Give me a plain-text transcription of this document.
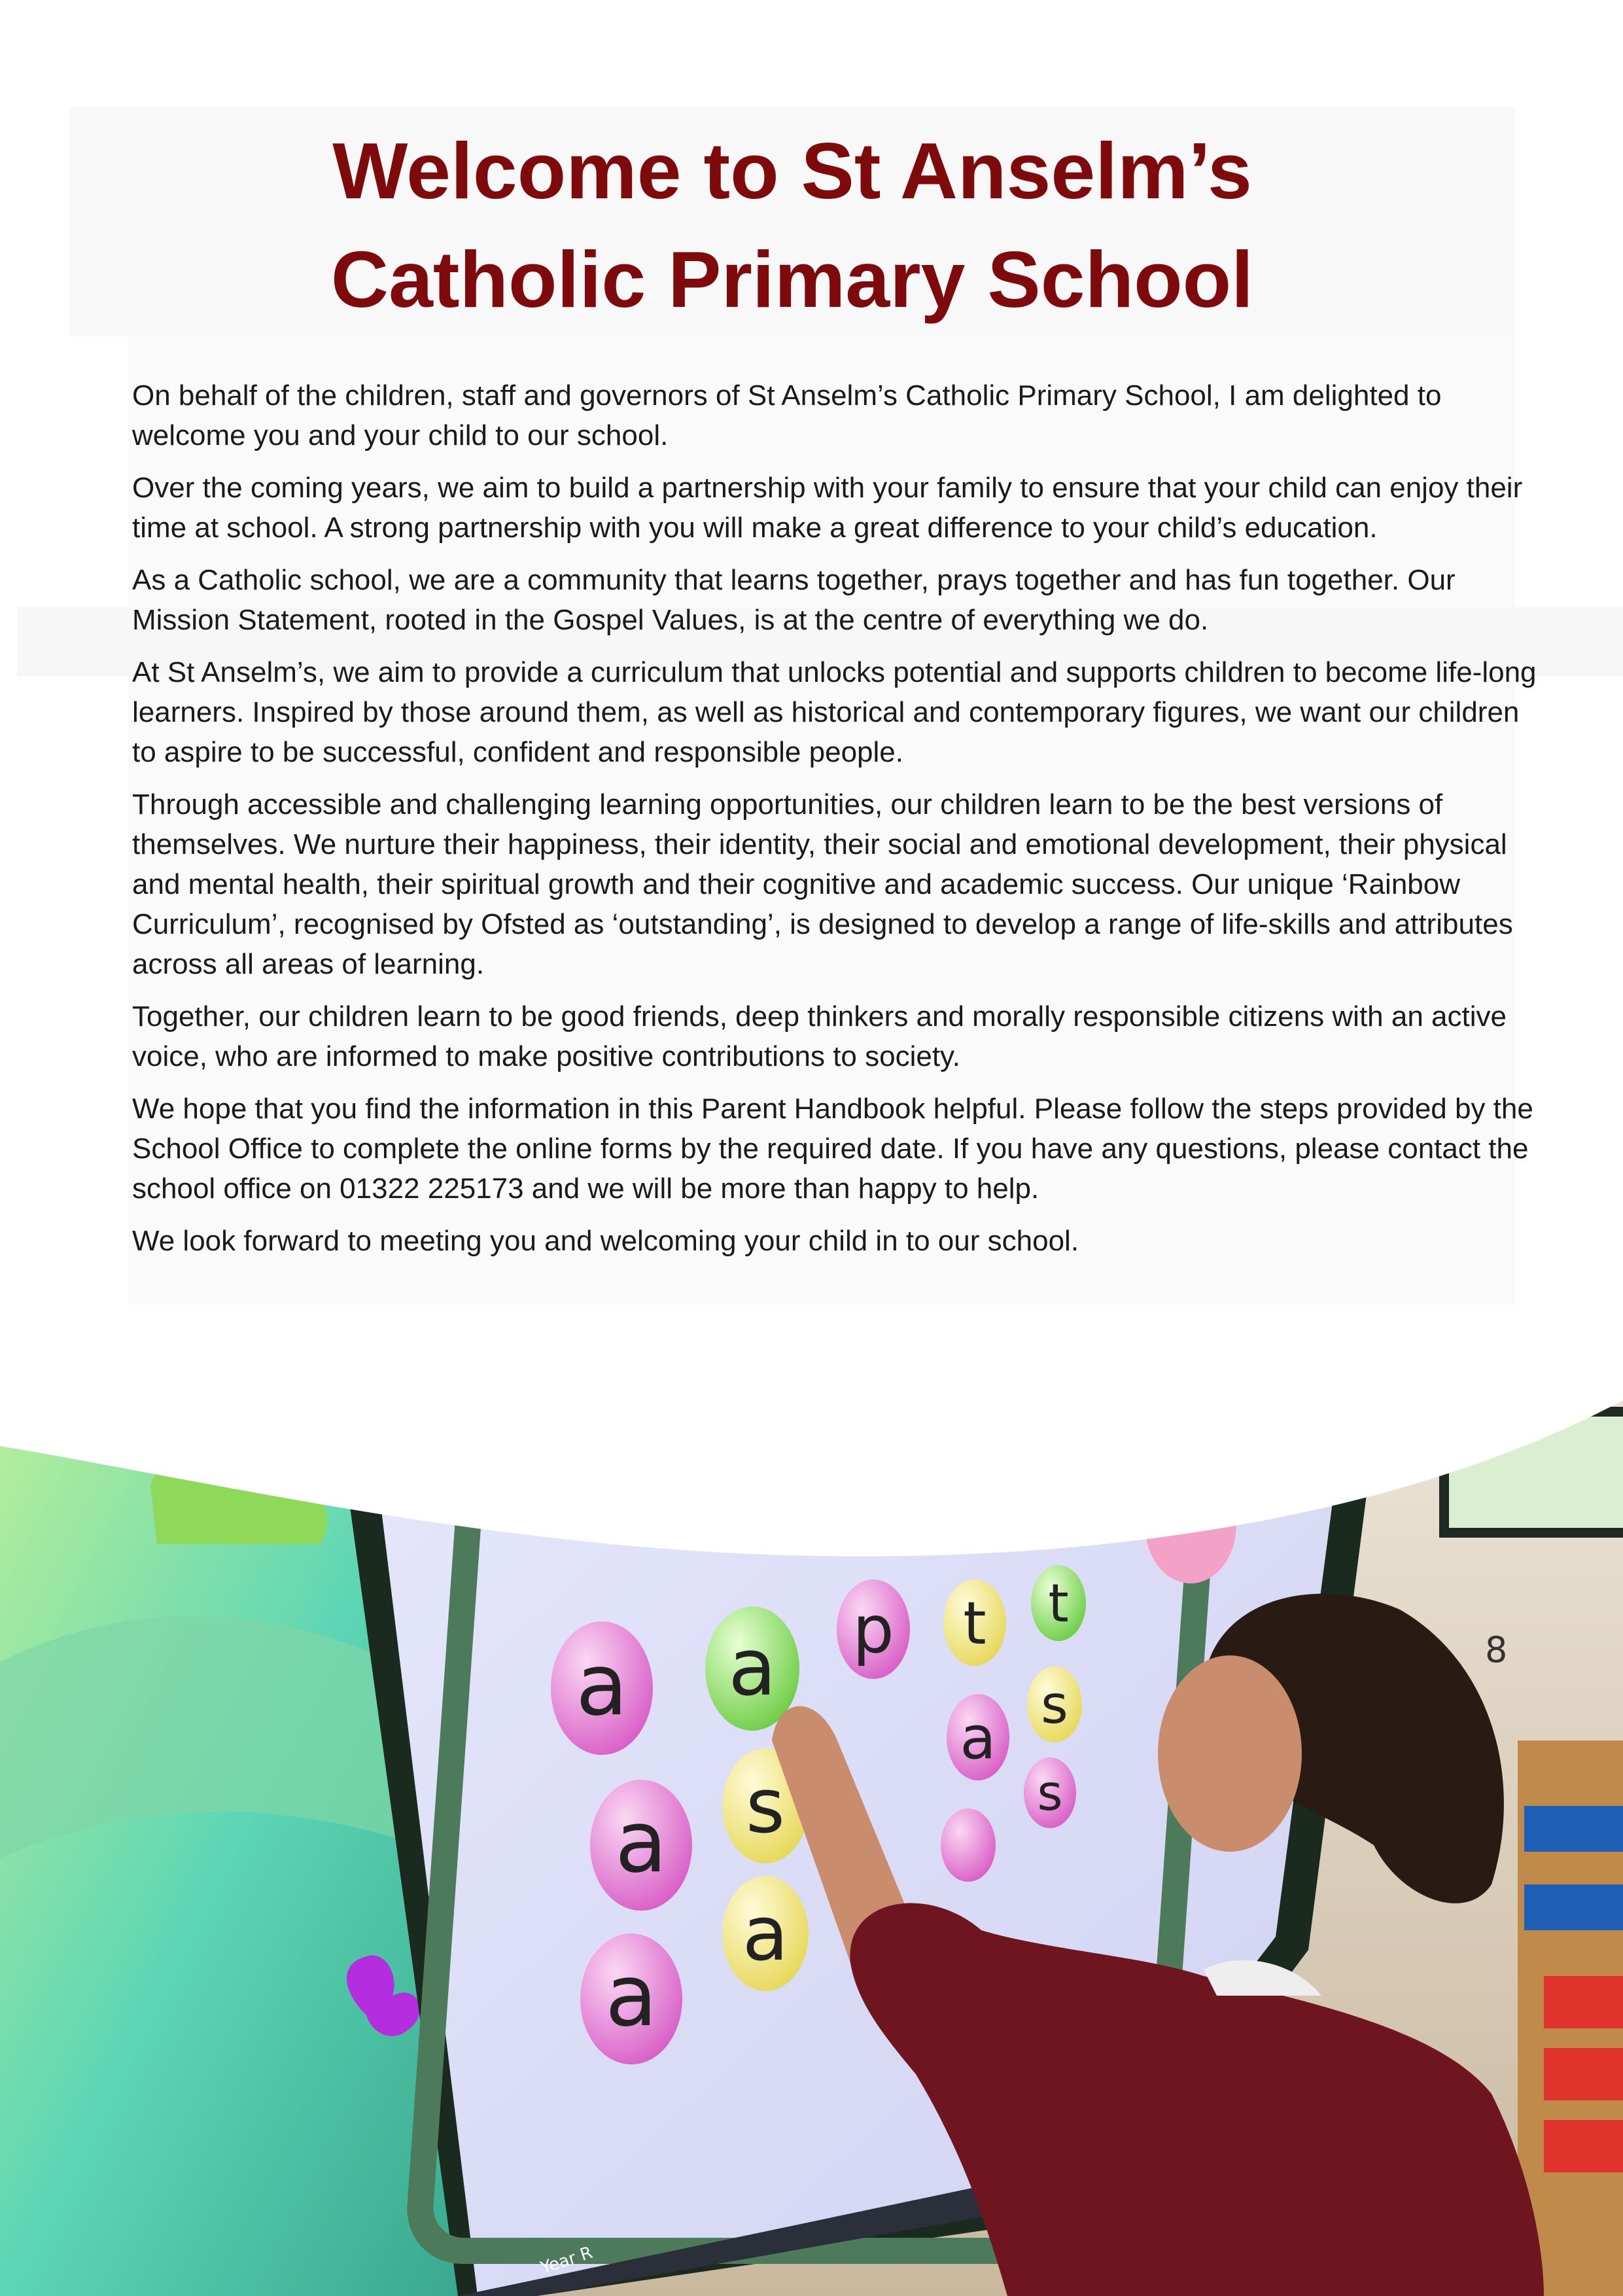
Welcome to St Anselm’s
Catholic Primary School

On behalf of the children, staff and governors of St Anselm’s Catholic Primary School, I am delighted to welcome you and your child to our school.

Over the coming years, we aim to build a partnership with your family to ensure that your child can enjoy their time at school. A strong partnership with you will make a great difference to your child’s education.

As a Catholic school, we are a community that learns together, prays together and has fun together. Our Mission Statement, rooted in the Gospel Values, is at the centre of everything we do.

At St Anselm’s, we aim to provide a curriculum that unlocks potential and supports children to become life-long learners. Inspired by those around them, as well as historical and contemporary figures, we want our children to aspire to be successful, confident and responsible people.

Through accessible and challenging learning opportunities, our children learn to be the best versions of themselves. We nurture their happiness, their identity, their social and emotional development, their physical and mental health, their spiritual growth and their cognitive and academic success. Our unique ‘Rainbow Curriculum’, recognised by Ofsted as ‘outstanding’, is designed to develop a range of life-skills and attributes across all areas of learning.

Together, our children learn to be good friends, deep thinkers and morally responsible citizens with an active voice, who are informed to make positive contributions to society.

We hope that you find the information in this Parent Handbook helpful. Please follow the steps provided by the School Office to complete the online forms by the required date. If you have any questions, please contact the school office on 01322 225173 and we will be more than happy to help.

We look forward to meeting you and welcoming your child in to our school.

a
a
a
a
s
a
p t
a
t
s
s
Year R
8
